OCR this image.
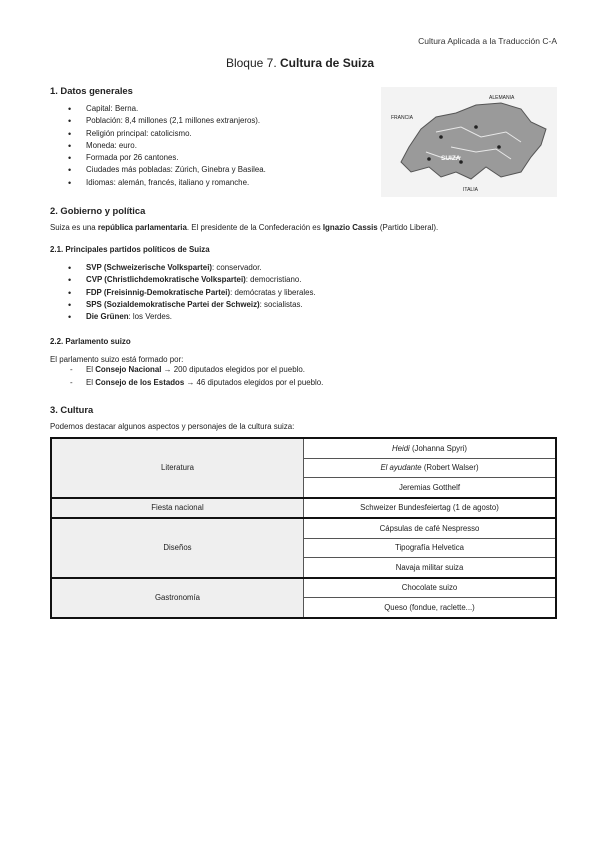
Cultura Aplicada a la Traducción C-A
Bloque 7. Cultura de Suiza
1. Datos generales
• Capital: Berna.
• Población: 8,4 millones (2,1 millones extranjeros).
• Religión principal: catolicismo.
• Moneda: euro.
• Formada por 26 cantones.
• Ciudades más pobladas: Zúrich, Ginebra y Basilea.
• Idiomas: alemán, francés, italiano y romanche.
SUIZA
ALEMANIA
FRANCIA
ITALIA
2. Gobierno y política
Suiza es una república parlamentaria. El presidente de la Confederación es Ignazio Cassis (Partido Liberal).
2.1. Principales partidos políticos de Suiza
• SVP (Schweizerische Volkspartei): conservador.
• CVP (Christlichdemokratische Volkspartei): democristiano.
• FDP (Freisinnig-Demokratische Partei): demócratas y liberales.
• SPS (Sozialdemokratische Partei der Schweiz): socialistas.
• Die Grünen: los Verdes.
2.2. Parlamento suizo
El parlamento suizo está formado por:
- El Consejo Nacional → 200 diputados elegidos por el pueblo.
- El Consejo de los Estados → 46 diputados elegidos por el pueblo.
3. Cultura
Podemos destacar algunos aspectos y personajes de la cultura suiza:
Literatura	Heidi (Johanna Spyri)
	El ayudante (Robert Walser)
	Jeremias Gotthelf
Fiesta nacional	Schweizer Bundesfeiertag (1 de agosto)
Diseños	Cápsulas de café Nespresso
	Tipografía Helvetica
	Navaja militar suiza
Gastronomía	Chocolate suizo
	Queso (fondue, raclette...)
